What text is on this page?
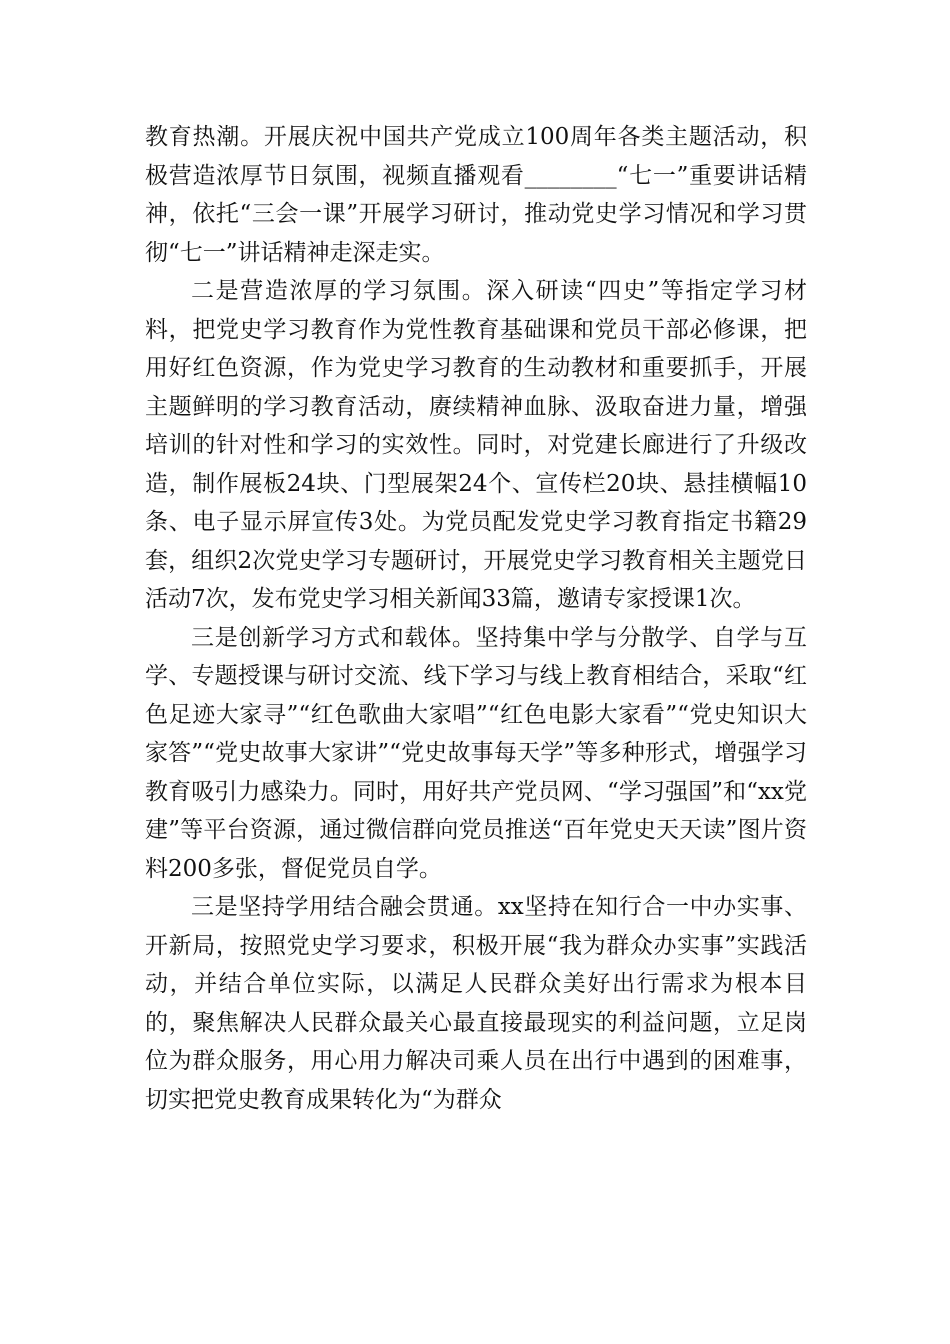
教育热潮。开展庆祝中国共产党成立100周年各类主题活动，积极营造浓厚节日氛围，视频直播观看________“七一”重要讲话精神，依托“三会一课”开展学习研讨，推动党史学习情况和学习贯彻“七一”讲话精神走深走实。

二是营造浓厚的学习氛围。深入研读“四史”等指定学习材料，把党史学习教育作为党性教育基础课和党员干部必修课，把用好红色资源，作为党史学习教育的生动教材和重要抓手，开展主题鲜明的学习教育活动，赓续精神血脉、汲取奋进力量，增强培训的针对性和学习的实效性。同时，对党建长廊进行了升级改造，制作展板24块、门型展架24个、宣传栏20块、悬挂横幅10条、电子显示屏宣传3处。为党员配发党史学习教育指定书籍29套，组织2次党史学习专题研讨，开展党史学习教育相关主题党日活动7次，发布党史学习相关新闻33篇，邀请专家授课1次。

三是创新学习方式和载体。坚持集中学与分散学、自学与互学、专题授课与研讨交流、线下学习与线上教育相结合，采取“红色足迹大家寻”“红色歌曲大家唱”“红色电影大家看”“党史知识大家答”“党史故事大家讲”“党史故事每天学”等多种形式，增强学习教育吸引力感染力。同时，用好共产党员网、“学习强国”和“xx党建”等平台资源，通过微信群向党员推送“百年党史天天读”图片资料200多张，督促党员自学。

三是坚持学用结合融会贯通。xx坚持在知行合一中办实事、开新局，按照党史学习要求，积极开展“我为群众办实事”实践活动，并结合单位实际，以满足人民群众美好出行需求为根本目的，聚焦解决人民群众最关心最直接最现实的利益问题，立足岗位为群众服务，用心用力解决司乘人员在出行中遇到的困难事，切实把党史教育成果转化为“为群众
